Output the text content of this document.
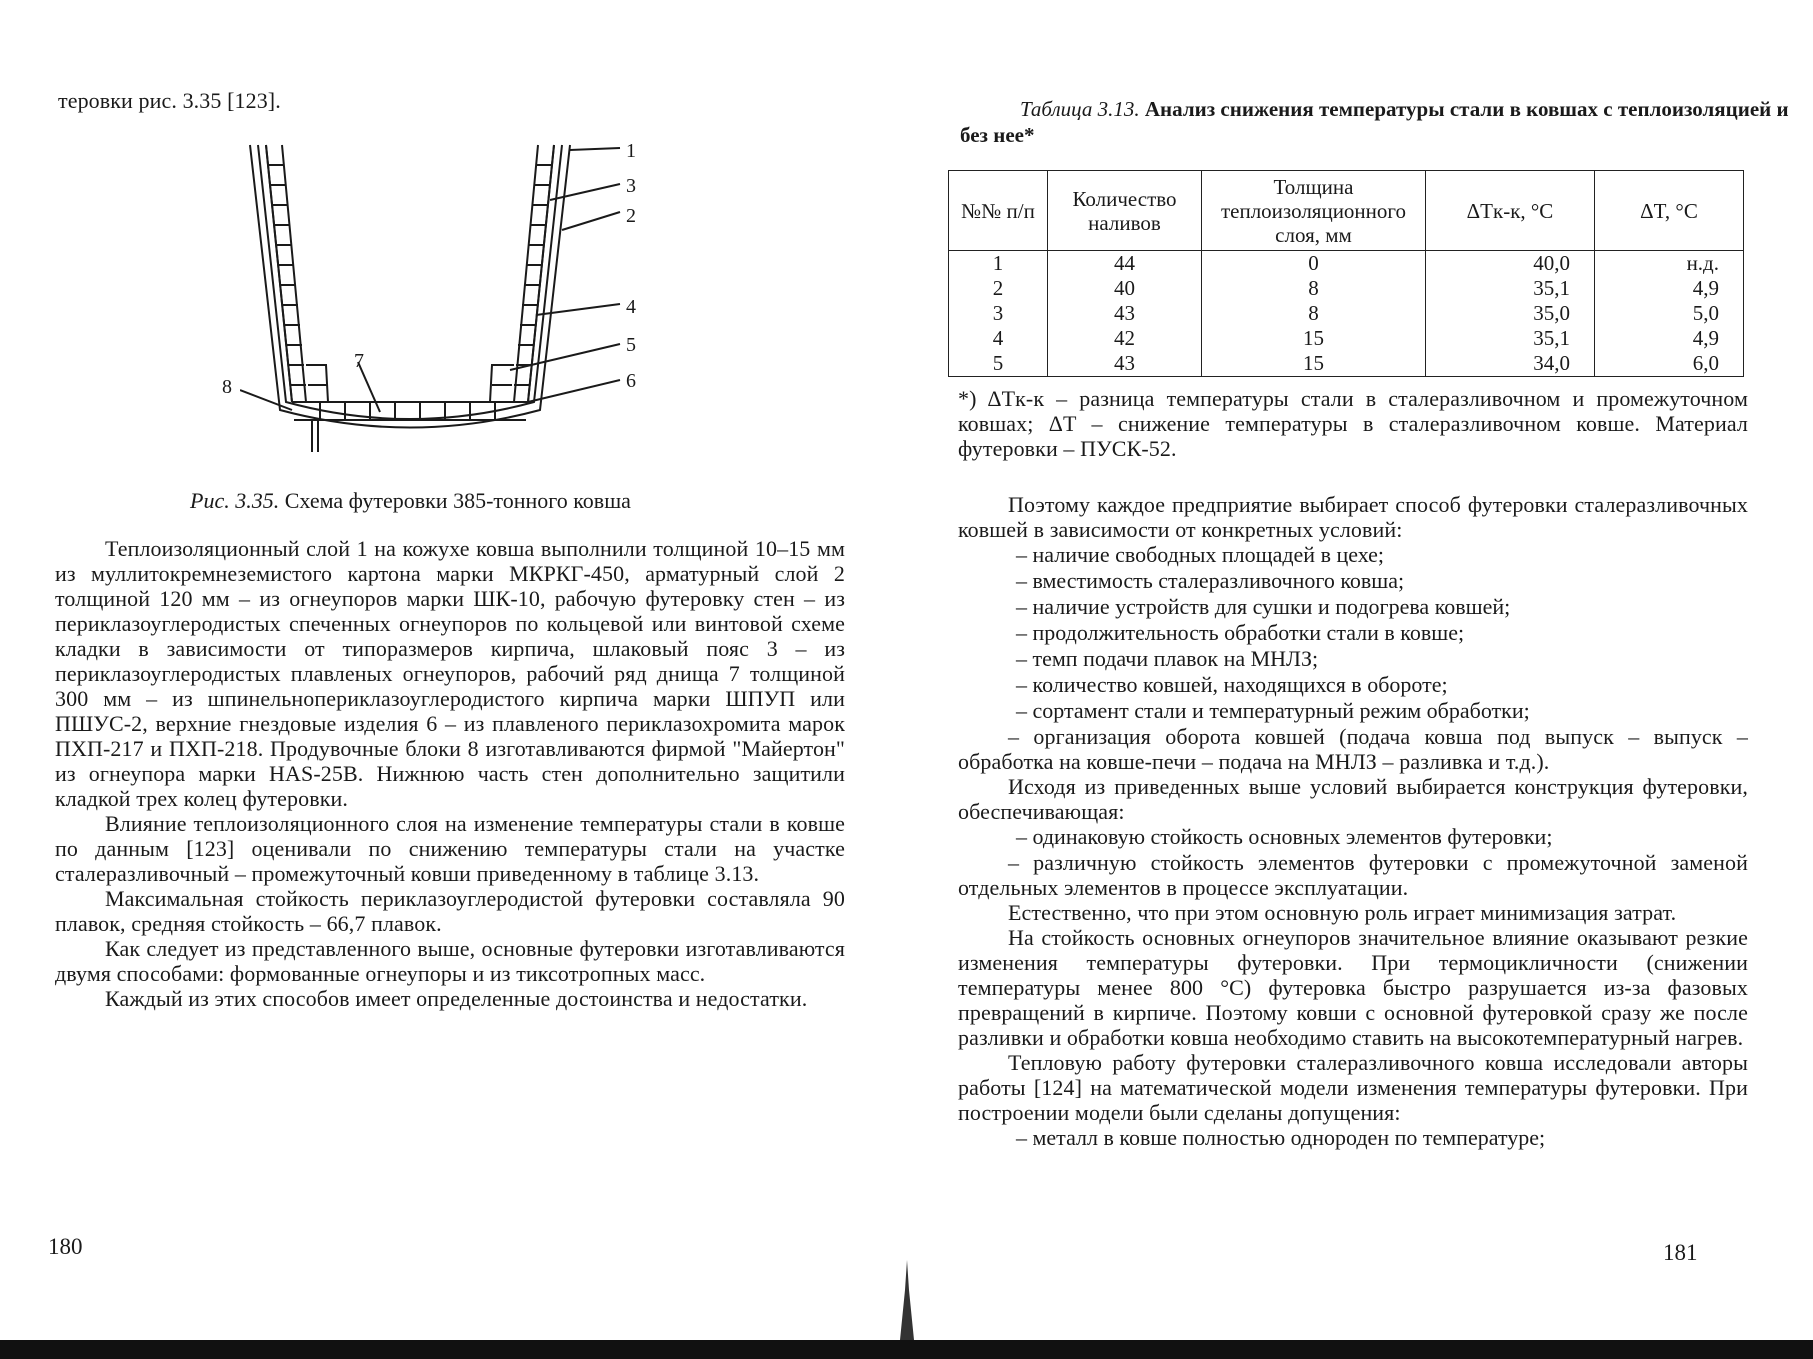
теровки рис. 3.35 [123].
1
3
2
4
5
6
7
8
Рис. 3.35. Схема футеровки 385-тонного ковша

Теплоизоляционный слой 1 на кожухе ковша выполнили толщиной 10–15 мм из муллитокремнеземистого картона марки МКРКГ-450, арматурный слой 2 толщиной 120 мм – из огнеупоров марки ШК-10, рабочую футеровку стен – из периклазоуглеродистых спеченных огнеупоров по кольцевой или винтовой схеме кладки в зависимости от типоразмеров кирпича, шлаковый пояс 3 – из периклазоуглеродистых плавленых огнеупоров, рабочий ряд днища 7 толщиной 300 мм – из шпинельнопериклазоуглеродистого кирпича марки ШПУП или ПШУС-2, верхние гнездовые изделия 6 – из плавленого периклазохромита марок ПХП-217 и ПХП-218. Продувочные блоки 8 изготавливаются фирмой "Майертон" из огнеупора марки HAS-25В. Нижнюю часть стен дополнительно защитили кладкой трех колец футеровки.

Влияние теплоизоляционного слоя на изменение температуры стали в ковше по данным [123] оценивали по снижению температуры стали на участке сталеразливочный – промежуточный ковши приведенному в таблице 3.13.

Максимальная стойкость периклазоуглеродистой футеровки составляла 90 плавок, средняя стойкость – 66,7 плавок.

Как следует из представленного выше, основные футеровки изготавливаются двумя способами: формованные огнеупоры и из тиксотропных масс.

Каждый из этих способов имеет определенные достоинства и недостатки.

180
Таблица 3.13. Анализ снижения температуры стали в ковшах с теплоизоляцией и без нее*
№№ п/п	Количество наливов	Толщина теплоизоляционного слоя, мм	ΔTк-к, °С	ΔT, °С
1	44	0	40,0	н.д.
2	40	8	35,1	4,9
3	43	8	35,0	5,0
4	42	15	35,1	4,9
5	43	15	34,0	6,0
*) ΔTк-к – разница температуры стали в сталеразливочном и промежуточном ковшах; ΔT – снижение температуры в сталеразливочном ковше. Материал футеровки – ПУСК-52.

Поэтому каждое предприятие выбирает способ футеровки сталеразливочных ковшей в зависимости от конкретных условий:

– наличие свободных площадей в цехе;
– вместимость сталеразливочного ковша;
– наличие устройств для сушки и подогрева ковшей;
– продолжительность обработки стали в ковше;
– темп подачи плавок на МНЛЗ;
– количество ковшей, находящихся в обороте;
– сортамент стали и температурный режим обработки;

– организация оборота ковшей (подача ковша под выпуск – выпуск – обработка на ковше-печи – подача на МНЛЗ – разливка и т.д.).

Исходя из приведенных выше условий выбирается конструкция футеровки, обеспечивающая:

– одинаковую стойкость основных элементов футеровки;

– различную стойкость элементов футеровки с промежуточной заменой отдельных элементов в процессе эксплуатации.

Естественно, что при этом основную роль играет минимизация затрат.

На стойкость основных огнеупоров значительное влияние оказывают резкие изменения температуры футеровки. При термоцикличности (снижении температуры менее 800 °С) футеровка быстро разрушается из-за фазовых превращений в кирпиче. Поэтому ковши с основной футеровкой сразу же после разливки и обработки ковша необходимо ставить на высокотемпературный нагрев.

Тепловую работу футеровки сталеразливочного ковша исследовали авторы работы [124] на математической модели изменения температуры футеровки. При построении модели были сделаны допущения:

– металл в ковше полностью однороден по температуре;
181
